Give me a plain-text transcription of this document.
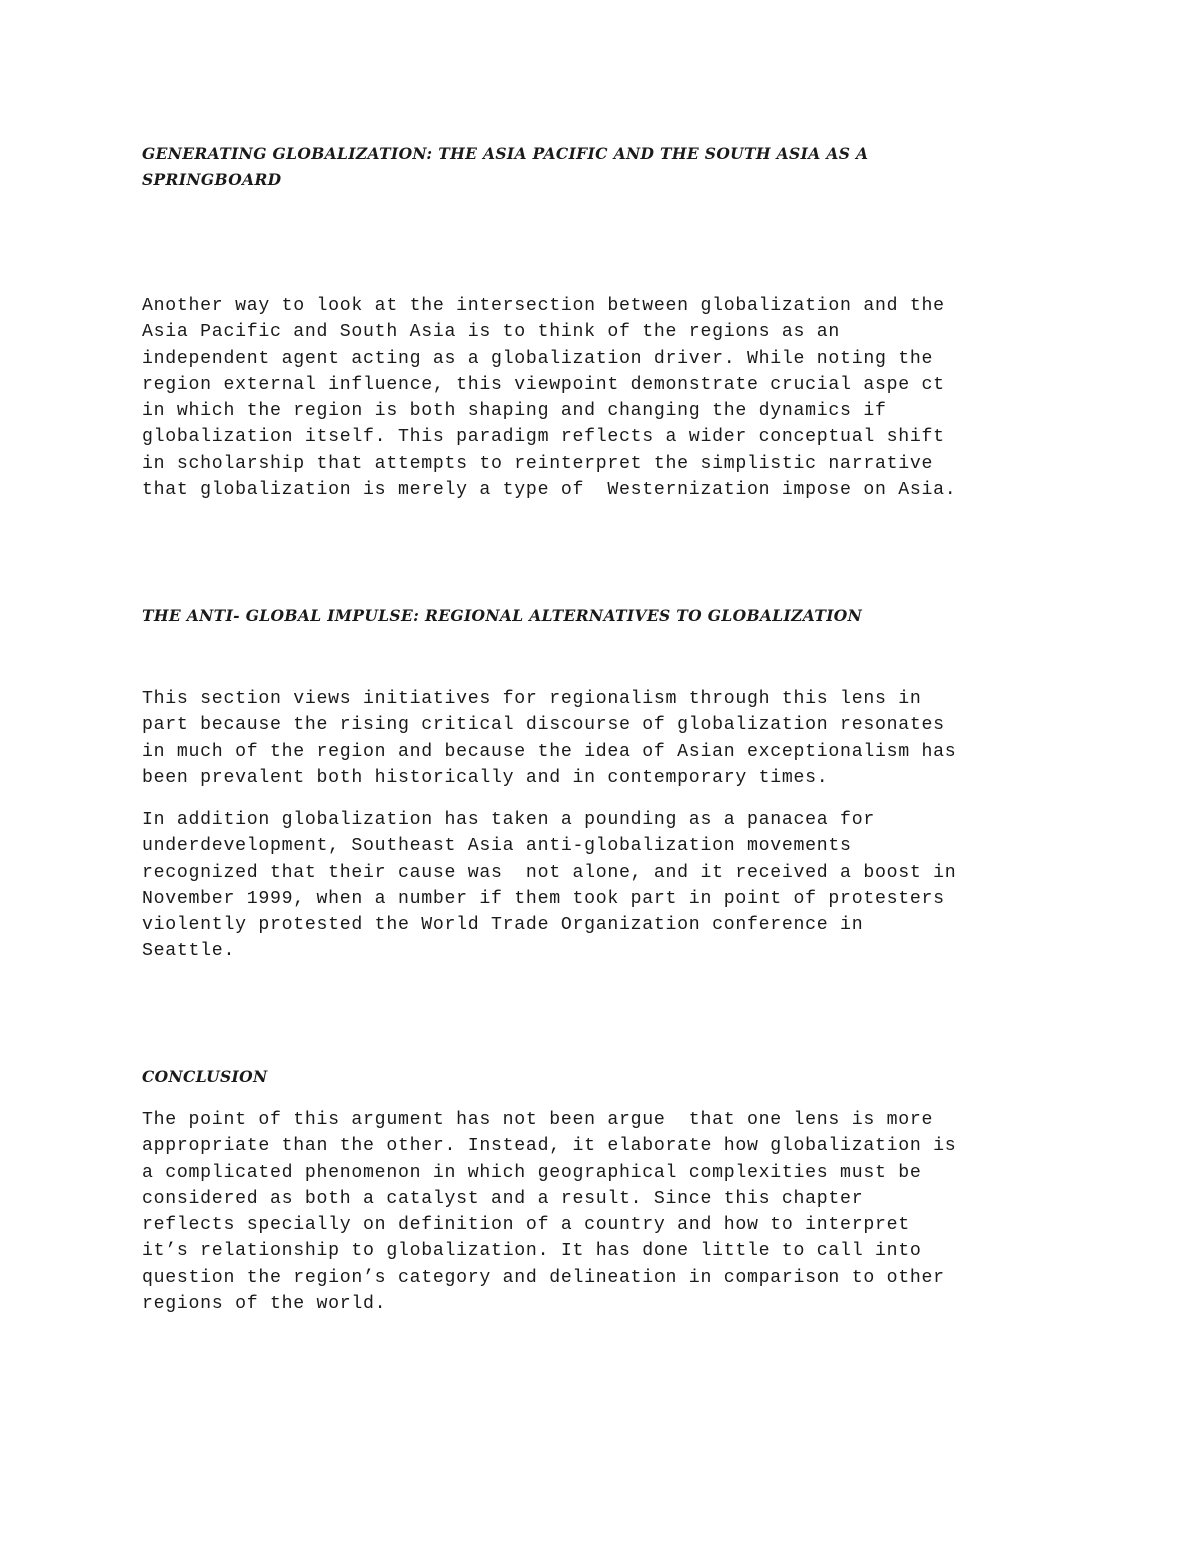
GENERATING GLOBALIZATION: THE ASIA PACIFIC AND THE SOUTH ASIA AS A
SPRINGBOARD

Another way to look at the intersection between globalization and the
Asia Pacific and South Asia is to think of the regions as an
independent agent acting as a globalization driver. While noting the
region external influence, this viewpoint demonstrate crucial aspe ct
in which the region is both shaping and changing the dynamics if
globalization itself. This paradigm reflects a wider conceptual shift
in scholarship that attempts to reinterpret the simplistic narrative
that globalization is merely a type of  Westernization impose on Asia.

THE ANTI- GLOBAL IMPULSE: REGIONAL ALTERNATIVES TO GLOBALIZATION

This section views initiatives for regionalism through this lens in
part because the rising critical discourse of globalization resonates
in much of the region and because the idea of Asian exceptionalism has
been prevalent both historically and in contemporary times.

In addition globalization has taken a pounding as a panacea for
underdevelopment, Southeast Asia anti-globalization movements
recognized that their cause was  not alone, and it received a boost in
November 1999, when a number if them took part in point of protesters
violently protested the World Trade Organization conference in
Seattle.

CONCLUSION

The point of this argument has not been argue  that one lens is more
appropriate than the other. Instead, it elaborate how globalization is
a complicated phenomenon in which geographical complexities must be
considered as both a catalyst and a result. Since this chapter
reflects specially on definition of a country and how to interpret
it’s relationship to globalization. It has done little to call into
question the region’s category and delineation in comparison to other
regions of the world.
